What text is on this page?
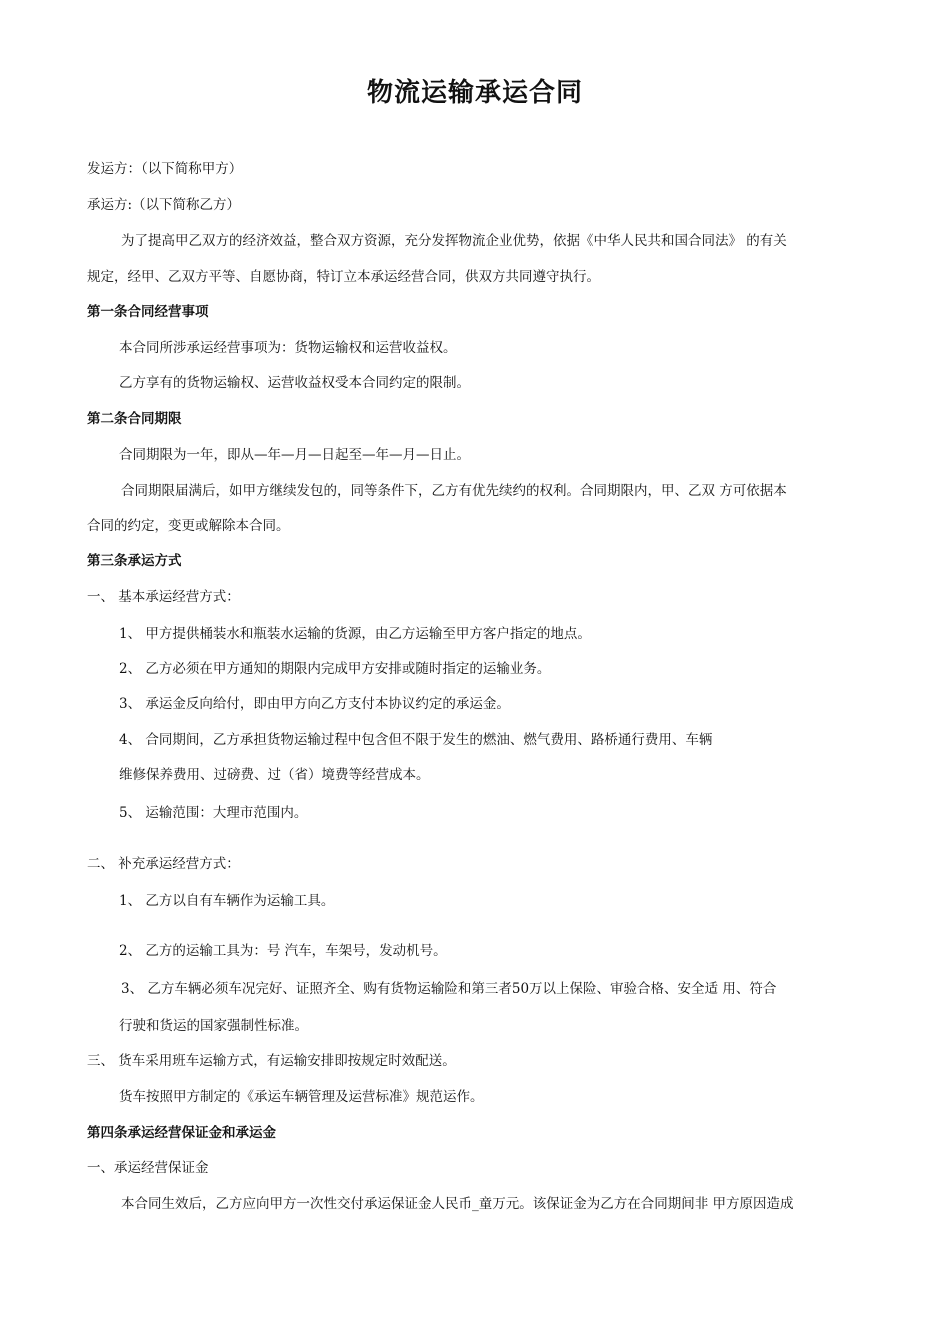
物流运输承运合同
发运方：（以下简称甲方）
承运方:（以下简称乙方）
为了提高甲乙双方的经济效益，整合双方资源，充分发挥物流企业优势，依据《中华人民共和国合同法》 的有关
规定，经甲、乙双方平等、自愿协商，特订立本承运经营合同，供双方共同遵守执行。
第一条合同经营事项
本合同所涉承运经营事项为：货物运输权和运营收益权。
乙方享有的货物运输权、运营收益权受本合同约定的限制。
第二条合同期限
合同期限为一年，即从—年—月—日起至—年—月—日止。
合同期限届满后，如甲方继续发包的，同等条件下，乙方有优先续约的权利。合同期限内，甲、乙双 方可依据本
合同的约定，变更或解除本合同。
第三条承运方式
一、 基本承运经营方式：
1、 甲方提供桶装水和瓶装水运输的货源，由乙方运输至甲方客户指定的地点。
2、 乙方必须在甲方通知的期限内完成甲方安排或随时指定的运输业务。
3、 承运金反向给付，即由甲方向乙方支付本协议约定的承运金。
4、 合同期间，乙方承担货物运输过程中包含但不限于发生的燃油、燃气费用、路桥通行费用、车辆
维修保养费用、过磅费、过（省）境费等经营成本。
5、 运输范围：大理市范围内。
二、 补充承运经营方式：
1、 乙方以自有车辆作为运输工具。
2、 乙方的运输工具为：号 汽车，车架号，发动机号。
3、 乙方车辆必须车况完好、证照齐全、购有货物运输险和第三者50万以上保险、审验合格、安全适 用、符合
行驶和货运的国家强制性标准。
三、 货车采用班车运输方式，有运输安排即按规定时效配送。
货车按照甲方制定的《承运车辆管理及运营标准》规范运作。
第四条承运经营保证金和承运金
一、承运经营保证金
本合同生效后，乙方应向甲方一次性交付承运保证金人民币_童万元。该保证金为乙方在合同期间非 甲方原因造成
